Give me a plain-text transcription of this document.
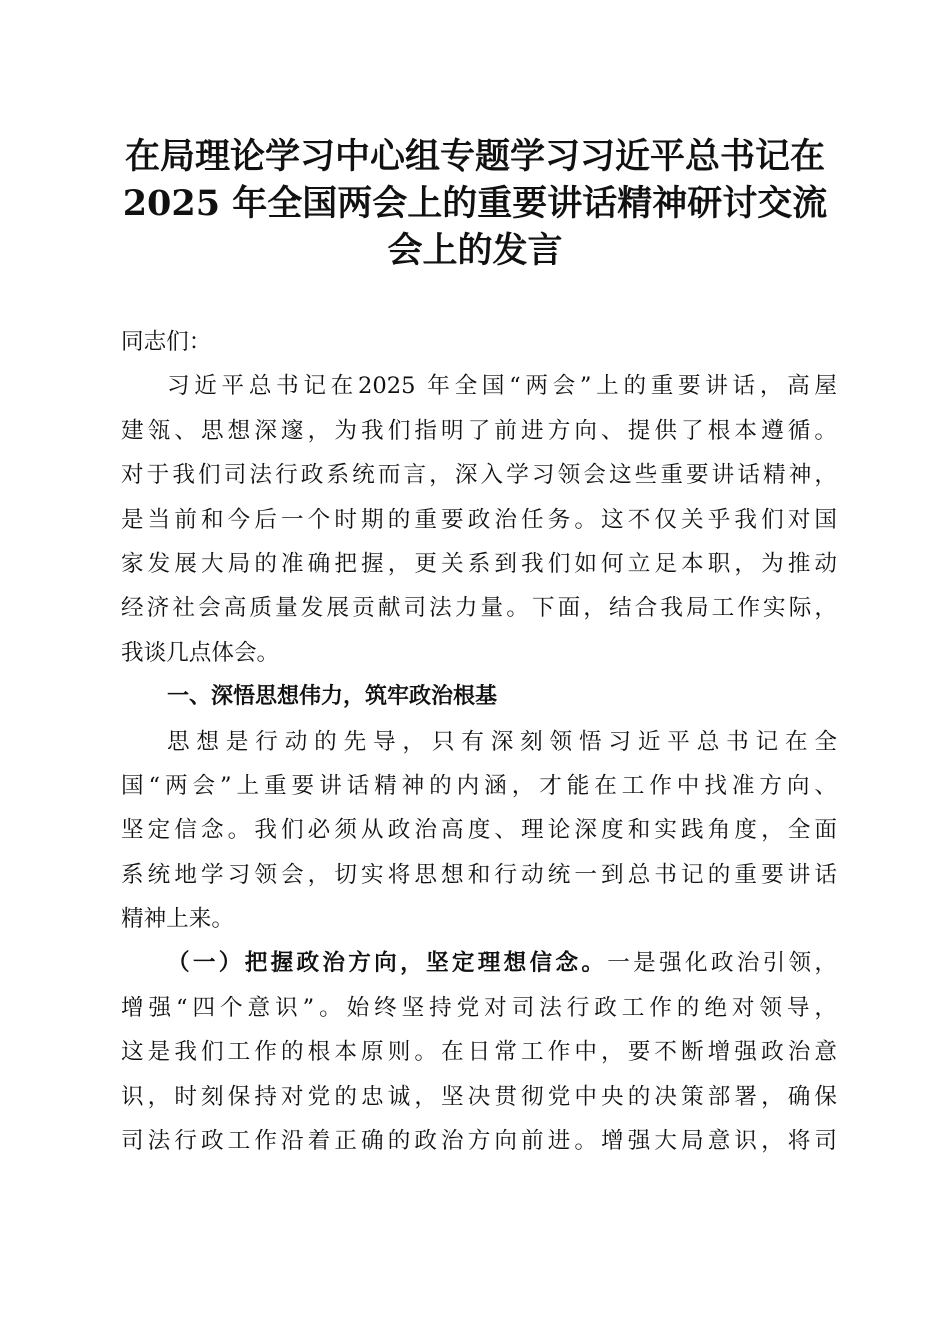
在局理论学习中心组专题学习习近平总书记在
2025 年全国两会上的重要讲话精神研讨交流
会上的发言
同志们：
习近平总书记在2025 年全国“两会”上的重要讲话，高屋
建瓴、思想深邃，为我们指明了前进方向、提供了根本遵循。
对于我们司法行政系统而言，深入学习领会这些重要讲话精神，
是当前和今后一个时期的重要政治任务。这不仅关乎我们对国
家发展大局的准确把握，更关系到我们如何立足本职，为推动
经济社会高质量发展贡献司法力量。下面，结合我局工作实际，
我谈几点体会。
一、深悟思想伟力，筑牢政治根基
思想是行动的先导，只有深刻领悟习近平总书记在全
国“两会”上重要讲话精神的内涵，才能在工作中找准方向、
坚定信念。我们必须从政治高度、理论深度和实践角度，全面
系统地学习领会，切实将思想和行动统一到总书记的重要讲话
精神上来。
（一）把握政治方向，坚定理想信念。一是强化政治引领，
增强“四个意识”。始终坚持党对司法行政工作的绝对领导，
这是我们工作的根本原则。在日常工作中，要不断增强政治意
识，时刻保持对党的忠诚，坚决贯彻党中央的决策部署，确保
司法行政工作沿着正确的政治方向前进。增强大局意识，将司
